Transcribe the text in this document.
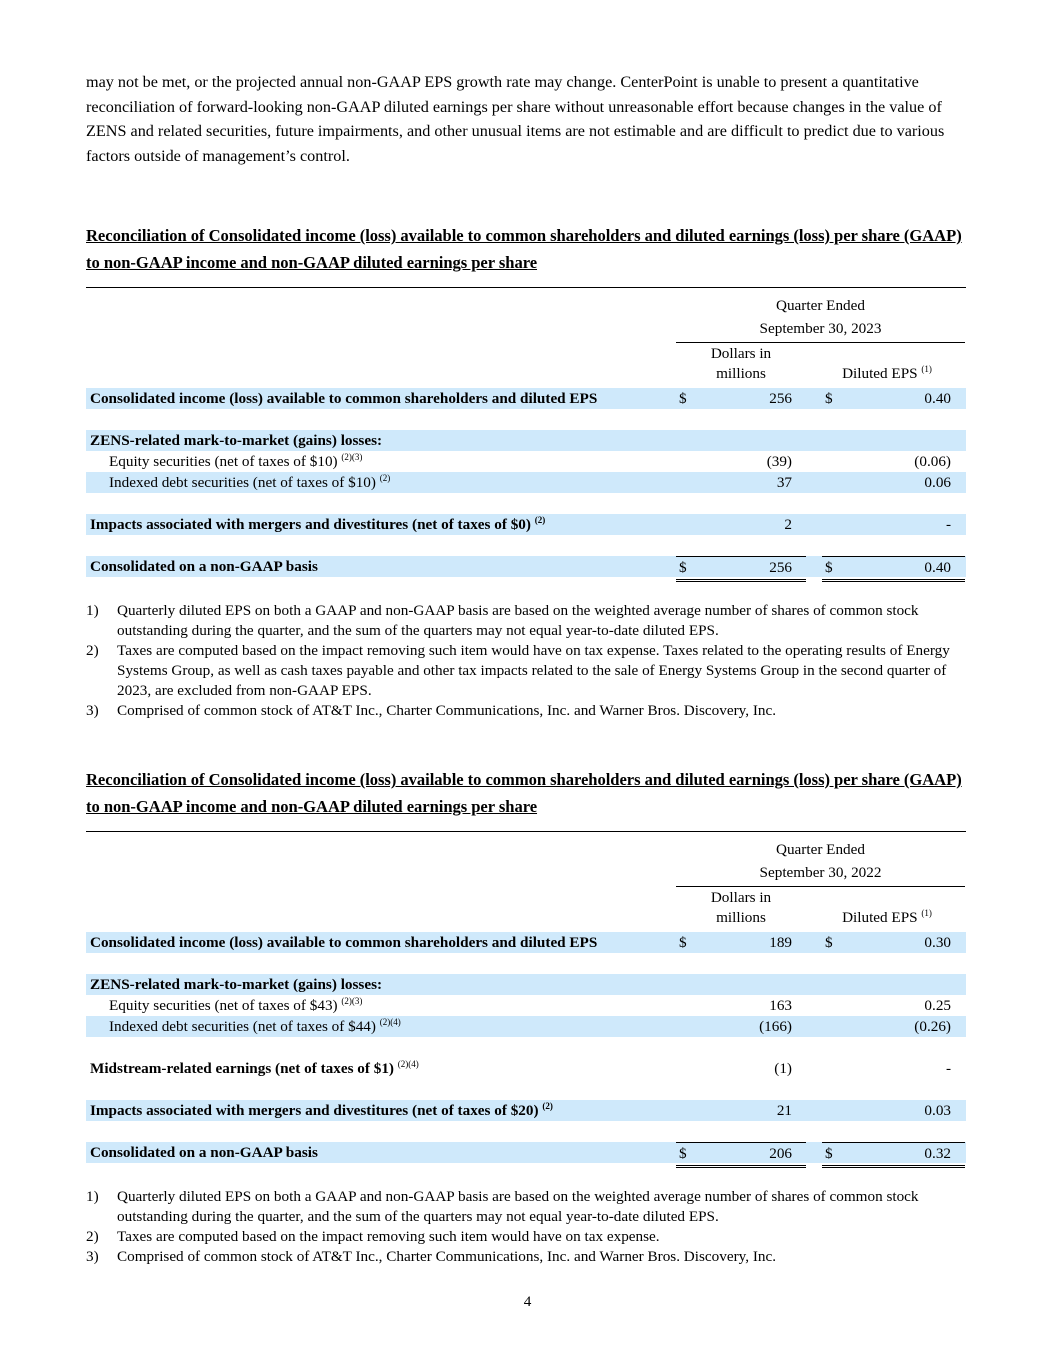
may not be met, or the projected annual non-GAAP EPS growth rate may change. CenterPoint is unable to present a quantitative reconciliation of forward-looking non-GAAP diluted earnings per share without unreasonable effort because changes in the value of ZENS and related securities, future impairments, and other unusual items are not estimable and are difficult to predict due to various factors outside of management’s control.

Reconciliation of Consolidated income (loss) available to common shareholders and diluted earnings (loss) per share (GAAP) to non-GAAP income and non-GAAP diluted earnings per share

Quarter Ended
September 30, 2023
Dollars in
millions	Diluted EPS $^{(1)}$
Consolidated income (loss) available to common shareholders and diluted EPS	$	256 $	0.40
ZENS-related mark-to-market (gains) losses:
Equity securities (net of taxes of $10) $^{(2)(3)}$	(39)	(0.06)
Indexed debt securities (net of taxes of $10) $^{(2)}$	37	0.06
Impacts associated with mergers and divestitures (net of taxes of $0) $^{(2)}$	2	-
Consolidated on a non-GAAP basis	$	256 $	0.40
1) Quarterly diluted EPS on both a GAAP and non-GAAP basis are based on the weighted average number of shares of common stock outstanding during the quarter, and the sum of the quarters may not equal year-to-date diluted EPS.
2) Taxes are computed based on the impact removing such item would have on tax expense. Taxes related to the operating results of Energy Systems Group, as well as cash taxes payable and other tax impacts related to the sale of Energy Systems Group in the second quarter of 2023, are excluded from non-GAAP EPS.
3) Comprised of common stock of AT&T Inc., Charter Communications, Inc. and Warner Bros. Discovery, Inc.

Reconciliation of Consolidated income (loss) available to common shareholders and diluted earnings (loss) per share (GAAP) to non-GAAP income and non-GAAP diluted earnings per share

Quarter Ended
September 30, 2022
Dollars in
millions	Diluted EPS $^{(1)}$
Consolidated income (loss) available to common shareholders and diluted EPS	$	189 $	0.30
ZENS-related mark-to-market (gains) losses:
Equity securities (net of taxes of $43) $^{(2)(3)}$	163	0.25
Indexed debt securities (net of taxes of $44) $^{(2)(4)}$	(166)	(0.26)
Midstream-related earnings (net of taxes of $1) $^{(2)(4)}$	(1)	-
Impacts associated with mergers and divestitures (net of taxes of $20) $^{(2)}$	21	0.03
Consolidated on a non-GAAP basis	$	206 $	0.32
1) Quarterly diluted EPS on both a GAAP and non-GAAP basis are based on the weighted average number of shares of common stock outstanding during the quarter, and the sum of the quarters may not equal year-to-date diluted EPS.
2) Taxes are computed based on the impact removing such item would have on tax expense.
3) Comprised of common stock of AT&T Inc., Charter Communications, Inc. and Warner Bros. Discovery, Inc.
4
